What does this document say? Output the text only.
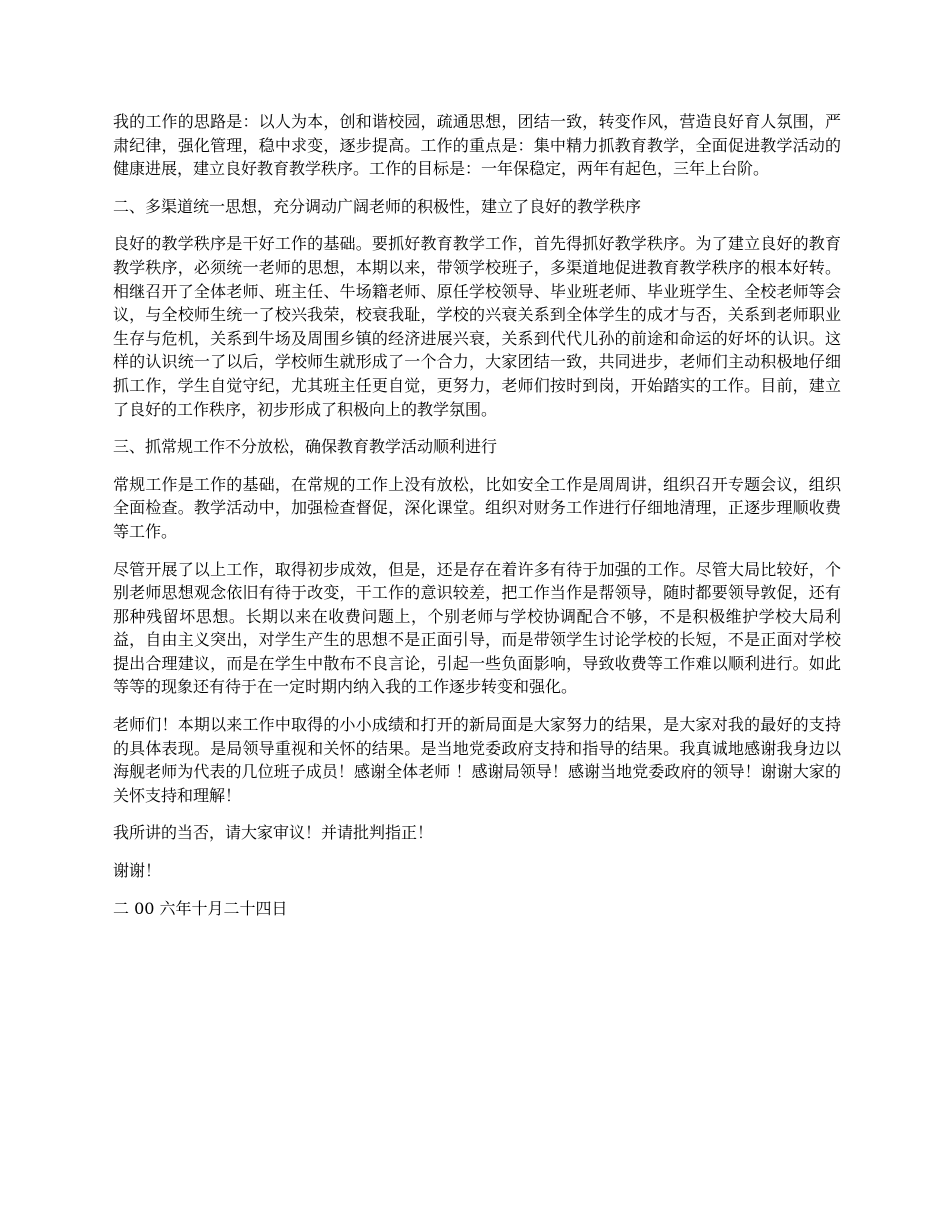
我的工作的思路是：以人为本，创和谐校园，疏通思想，团结一致，转变作风，营造良好育人氛围，严肃纪律，强化管理，稳中求变，逐步提高。工作的重点是：集中精力抓教育教学，全面促进教学活动的健康进展，建立良好教育教学秩序。工作的目标是：一年保稳定，两年有起色，三年上台阶。

二、多渠道统一思想，充分调动广阔老师的积极性，建立了良好的教学秩序

良好的教学秩序是干好工作的基础。要抓好教育教学工作，首先得抓好教学秩序。为了建立良好的教育教学秩序，必须统一老师的思想，本期以来，带领学校班子，多渠道地促进教育教学秩序的根本好转。相继召开了全体老师、班主任、牛场籍老师、原任学校领导、毕业班老师、毕业班学生、全校老师等会议，与全校师生统一了校兴我荣，校衰我耻，学校的兴衰关系到全体学生的成才与否，关系到老师职业生存与危机，关系到牛场及周围乡镇的经济进展兴衰，关系到代代儿孙的前途和命运的好坏的认识。这样的认识统一了以后，学校师生就形成了一个合力，大家团结一致，共同进步，老师们主动积极地仔细抓工作，学生自觉守纪，尤其班主任更自觉，更努力，老师们按时到岗，开始踏实的工作。目前，建立了良好的工作秩序，初步形成了积极向上的教学氛围。

三、抓常规工作不分放松，确保教育教学活动顺利进行

常规工作是工作的基础，在常规的工作上没有放松，比如安全工作是周周讲，组织召开专题会议，组织全面检查。教学活动中，加强检查督促，深化课堂。组织对财务工作进行仔细地清理，正逐步理顺收费等工作。

尽管开展了以上工作，取得初步成效，但是，还是存在着许多有待于加强的工作。尽管大局比较好，个别老师思想观念依旧有待于改变，干工作的意识较差，把工作当作是帮领导，随时都要领导敦促，还有那种残留坏思想。长期以来在收费问题上，个别老师与学校协调配合不够，不是积极维护学校大局利益，自由主义突出，对学生产生的思想不是正面引导，而是带领学生讨论学校的长短，不是正面对学校提出合理建议，而是在学生中散布不良言论，引起一些负面影响，导致收费等工作难以顺利进行。如此等等的现象还有待于在一定时期内纳入我的工作逐步转变和强化。

老师们！本期以来工作中取得的小小成绩和打开的新局面是大家努力的结果，是大家对我的最好的支持的具体表现。是局领导重视和关怀的结果。是当地党委政府支持和指导的结果。我真诚地感谢我身边以海舰老师为代表的几位班子成员！感谢全体老师 ！感谢局领导！感谢当地党委政府的领导！谢谢大家的关怀支持和理解！

我所讲的当否，请大家审议！并请批判指正！

谢谢！

二 00 六年十月二十四日
